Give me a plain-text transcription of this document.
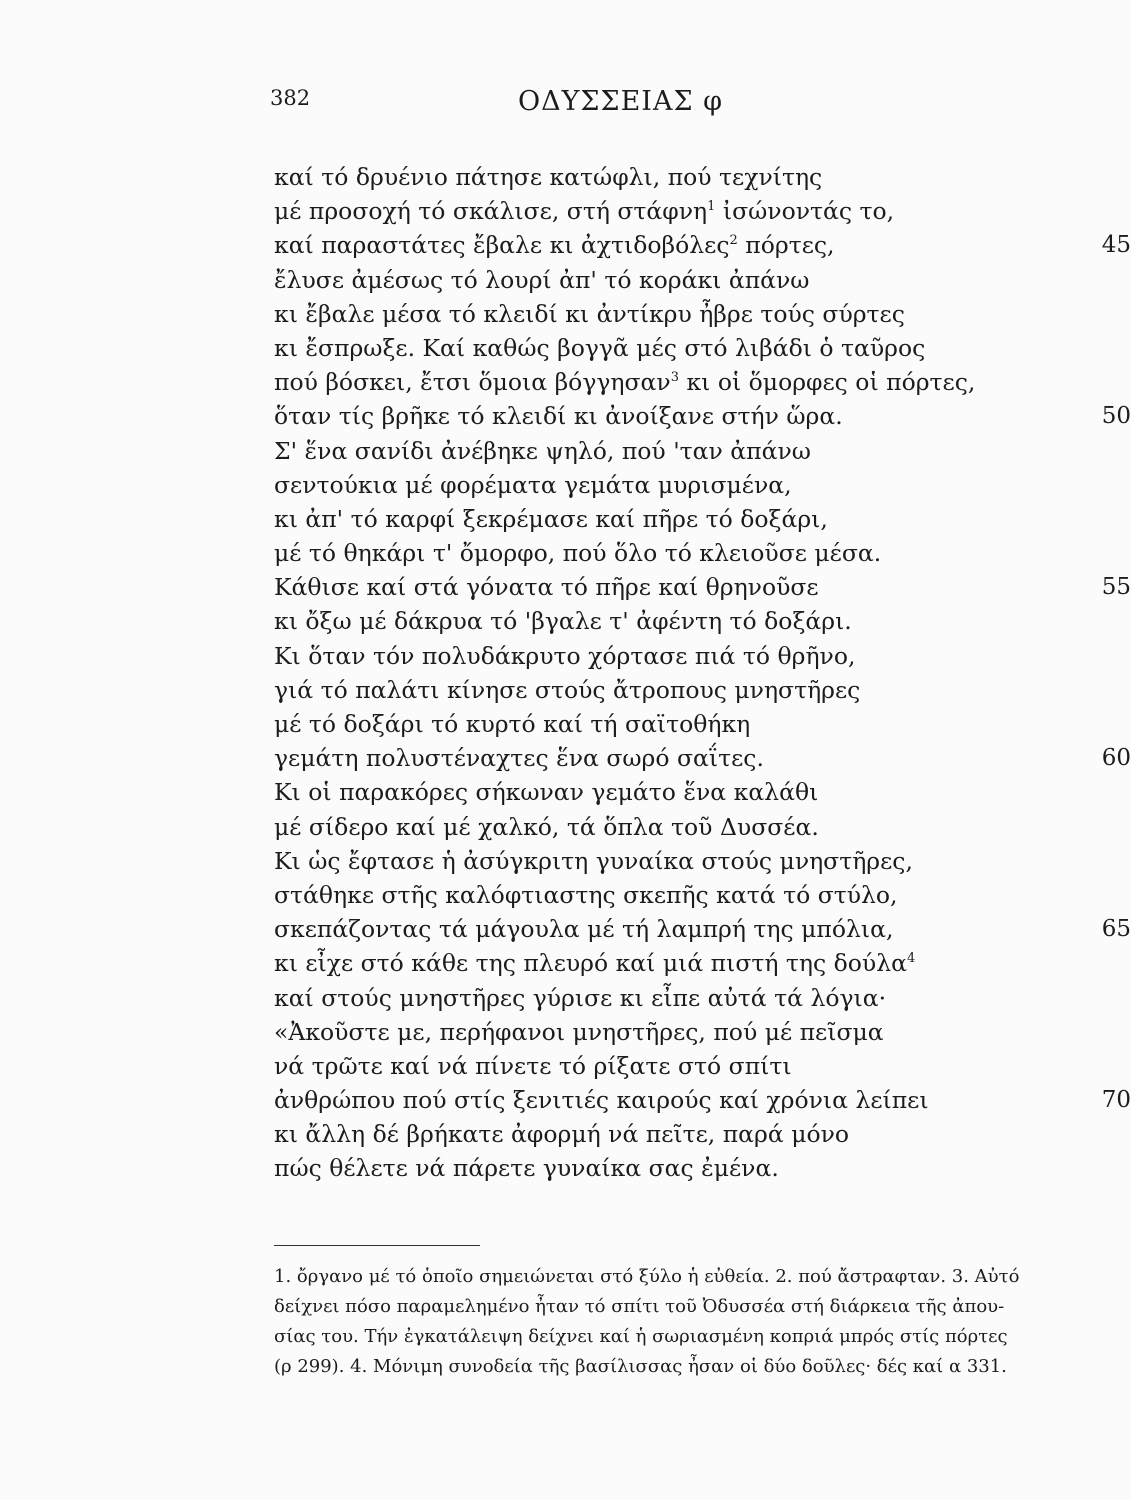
382	ΟΔΥΣΣΕΙΑΣ φ
καί τό δρυένιο πάτησε κατώφλι, πού τεχνίτης
μέ προσοχή τό σκάλισε, στή στάφνη$^1$ ἰσώνοντάς το,
καί παραστάτες ἔβαλε κι ἀχτιδοβόλες$^2$ πόρτες,	45
ἔλυσε ἀμέσως τό λουρί ἀπ' τό κοράκι ἀπάνω
κι ἔβαλε μέσα τό κλειδί κι ἀντίκρυ ἦβρε τούς σύρτες
κι ἔσπρωξε. Καί καθώς βογγᾶ μές στό λιβάδι ὁ ταῦρος
πού βόσκει, ἔτσι ὅμοια βόγγησαν$^3$ κι οἱ ὅμορφες οἱ πόρτες,
ὅταν τίς βρῆκε τό κλειδί κι ἀνοίξανε στήν ὥρα.	50
Σ' ἕνα σανίδι ἀνέβηκε ψηλό, πού 'ταν ἀπάνω
σεντούκια μέ φορέματα γεμάτα μυρισμένα,
κι ἀπ' τό καρφί ξεκρέμασε καί πῆρε τό δοξάρι,
μέ τό θηκάρι τ' ὄμορφο, πού ὅλο τό κλειοῦσε μέσα.
Κάθισε καί στά γόνατα τό πῆρε καί θρηνοῦσε	55
κι ὄξω μέ δάκρυα τό 'βγαλε τ' ἀφέντη τό δοξάρι.
Κι ὅταν τόν πολυδάκρυτο χόρτασε πιά τό θρῆνο,
γιά τό παλάτι κίνησε στούς ἄτροπους μνηστῆρες
μέ τό δοξάρι τό κυρτό καί τή σαϊτοθήκη
γεμάτη πολυστέναχτες ἕνα σωρό σαΐτες.	60
Κι οἱ παρακόρες σήκωναν γεμάτο ἕνα καλάθι
μέ σίδερο καί μέ χαλκό, τά ὅπλα τοῦ Δυσσέα.
Κι ὡς ἔφτασε ἡ ἀσύγκριτη γυναίκα στούς μνηστῆρες,
στάθηκε στῆς καλόφτιαστης σκεπῆς κατά τό στύλο,
σκεπάζοντας τά μάγουλα μέ τή λαμπρή της μπόλια,	65
κι εἶχε στό κάθε της πλευρό καί μιά πιστή της δούλα$^4$
καί στούς μνηστῆρες γύρισε κι εἶπε αὐτά τά λόγια·
«Ἀκοῦστε με, περήφανοι μνηστῆρες, πού μέ πεῖσμα
νά τρῶτε καί νά πίνετε τό ρίξατε στό σπίτι
ἀνθρώπου πού στίς ξενιτιές καιρούς καί χρόνια λείπει	70
κι ἄλλη δέ βρήκατε ἀφορμή νά πεῖτε, παρά μόνο
πώς θέλετε νά πάρετε γυναίκα σας ἐμένα.
1. ὄργανο μέ τό ὁποῖο σημειώνεται στό ξύλο ἡ εὐθεία. 2. πού ἄστραφταν. 3. Αὐτό
δείχνει πόσο παραμελημένο ἦταν τό σπίτι τοῦ Ὀδυσσέα στή διάρκεια τῆς ἀπου-
σίας του. Τήν ἐγκατάλειψη δείχνει καί ἡ σωριασμένη κοπριά μπρός στίς πόρτες
(ρ 299). 4. Μόνιμη συνοδεία τῆς βασίλισσας ἦσαν οἱ δύο δοῦλες· δές καί α 331.
